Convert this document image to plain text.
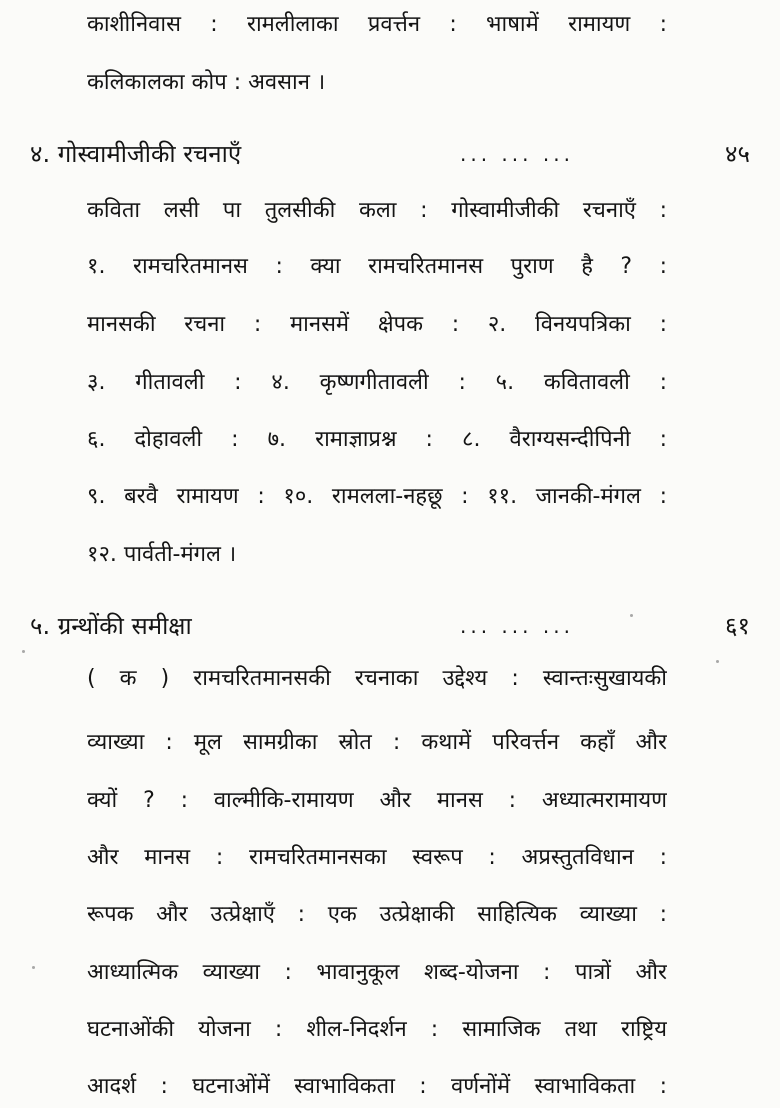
काशीनिवास : रामलीलाका प्रवर्त्तन : भाषामें रामायण :
कलिकालका कोप : अवसान ।
४. गोस्वामीजीकी रचनाएँ	... ... ...	४५
कविता लसी पा तुलसीकी कला : गोस्वामीजीकी रचनाएँ :
१. रामचरितमानस : क्या रामचरितमानस पुराण है ? :
मानसकी रचना : मानसमें क्षेपक : २. विनयपत्रिका :
३. गीतावली : ४. कृष्णगीतावली : ५. कवितावली :
६. दोहावली : ७. रामाज्ञाप्रश्न : ८. वैराग्यसन्दीपिनी :
९. बरवै रामायण : १०. रामलला-नहछू : ११. जानकी-मंगल :
१२. पार्वती-मंगल ।
५. ग्रन्थोंकी समीक्षा	... ... ...	६१
( क ) रामचरितमानसकी रचनाका उद्देश्य : स्वान्तःसुखायकी
व्याख्या : मूल सामग्रीका स्रोत : कथामें परिवर्त्तन कहाँ और
क्यों ? : वाल्मीकि-रामायण और मानस : अध्यात्मरामायण
और मानस : रामचरितमानसका स्वरूप : अप्रस्तुतविधान :
रूपक और उत्प्रेक्षाएँ : एक उत्प्रेक्षाकी साहित्यिक व्याख्या :
आध्यात्मिक व्याख्या : भावानुकूल शब्द-योजना : पात्रों और
घटनाओंकी योजना : शील-निदर्शन : सामाजिक तथा राष्ट्रिय
आदर्श : घटनाओंमें स्वाभाविकता : वर्णनोंमें स्वाभाविकता :
